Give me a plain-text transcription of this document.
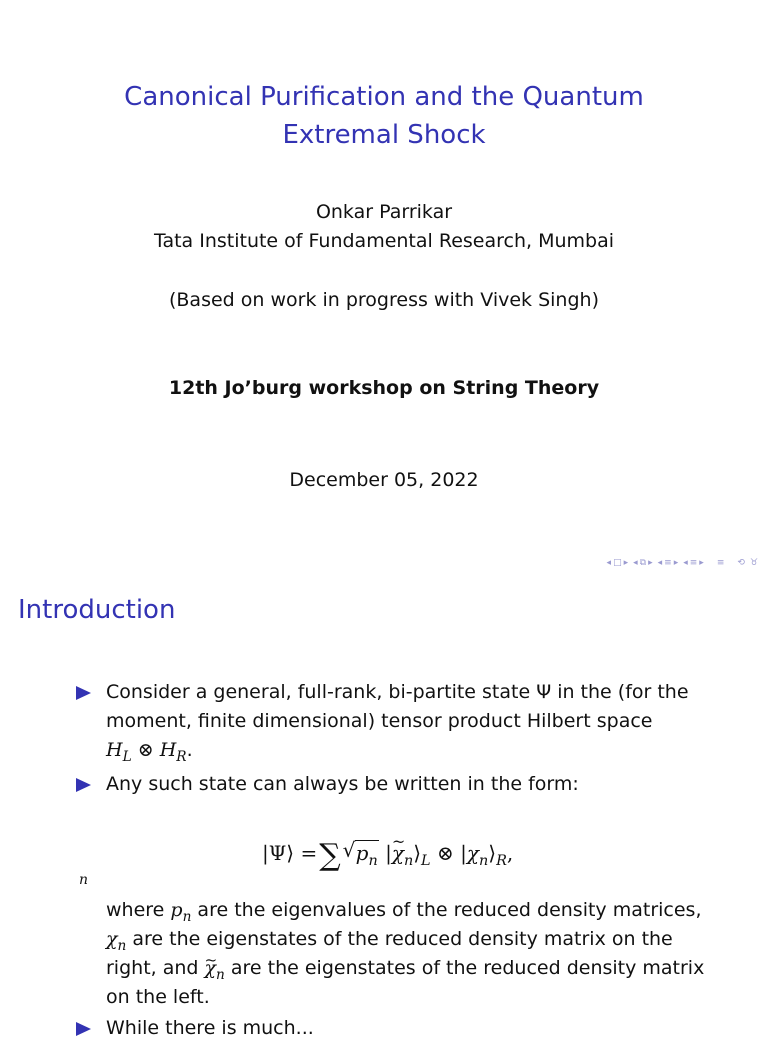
Canonical Purification and the Quantum
Extremal Shock
Onkar Parrikar
Tata Institute of Fundamental Research, Mumbai
(Based on work in progress with Vivek Singh)
12th Jo’burg workshop on String Theory
December 05, 2022
◂ □ ▸ ◂ ⧉ ▸ ◂ ≡ ▸ ◂ ≡ ▸ ≡ ⟲ ♉
Introduction
Consider a general, full-rank, bi-partite state Ψ in the (for the
moment, finite dimensional) tensor product Hilbert space
$H_L$ ⊗ $H_R$.
Any such state can always be written in the form:
|Ψ⟩ =∑√ $p_n$ |~ $\chi_n⟩_L$ ⊗ $|\chi_n⟩_R$,
n
where $p_n$ are the eigenvalues of the reduced density matrices,
$\chi_n$ are the eigenstates of the reduced density matrix on the
right, and ~ $\chi_n$ are the eigenstates of the reduced density matrix
on the left.
While there is much...
